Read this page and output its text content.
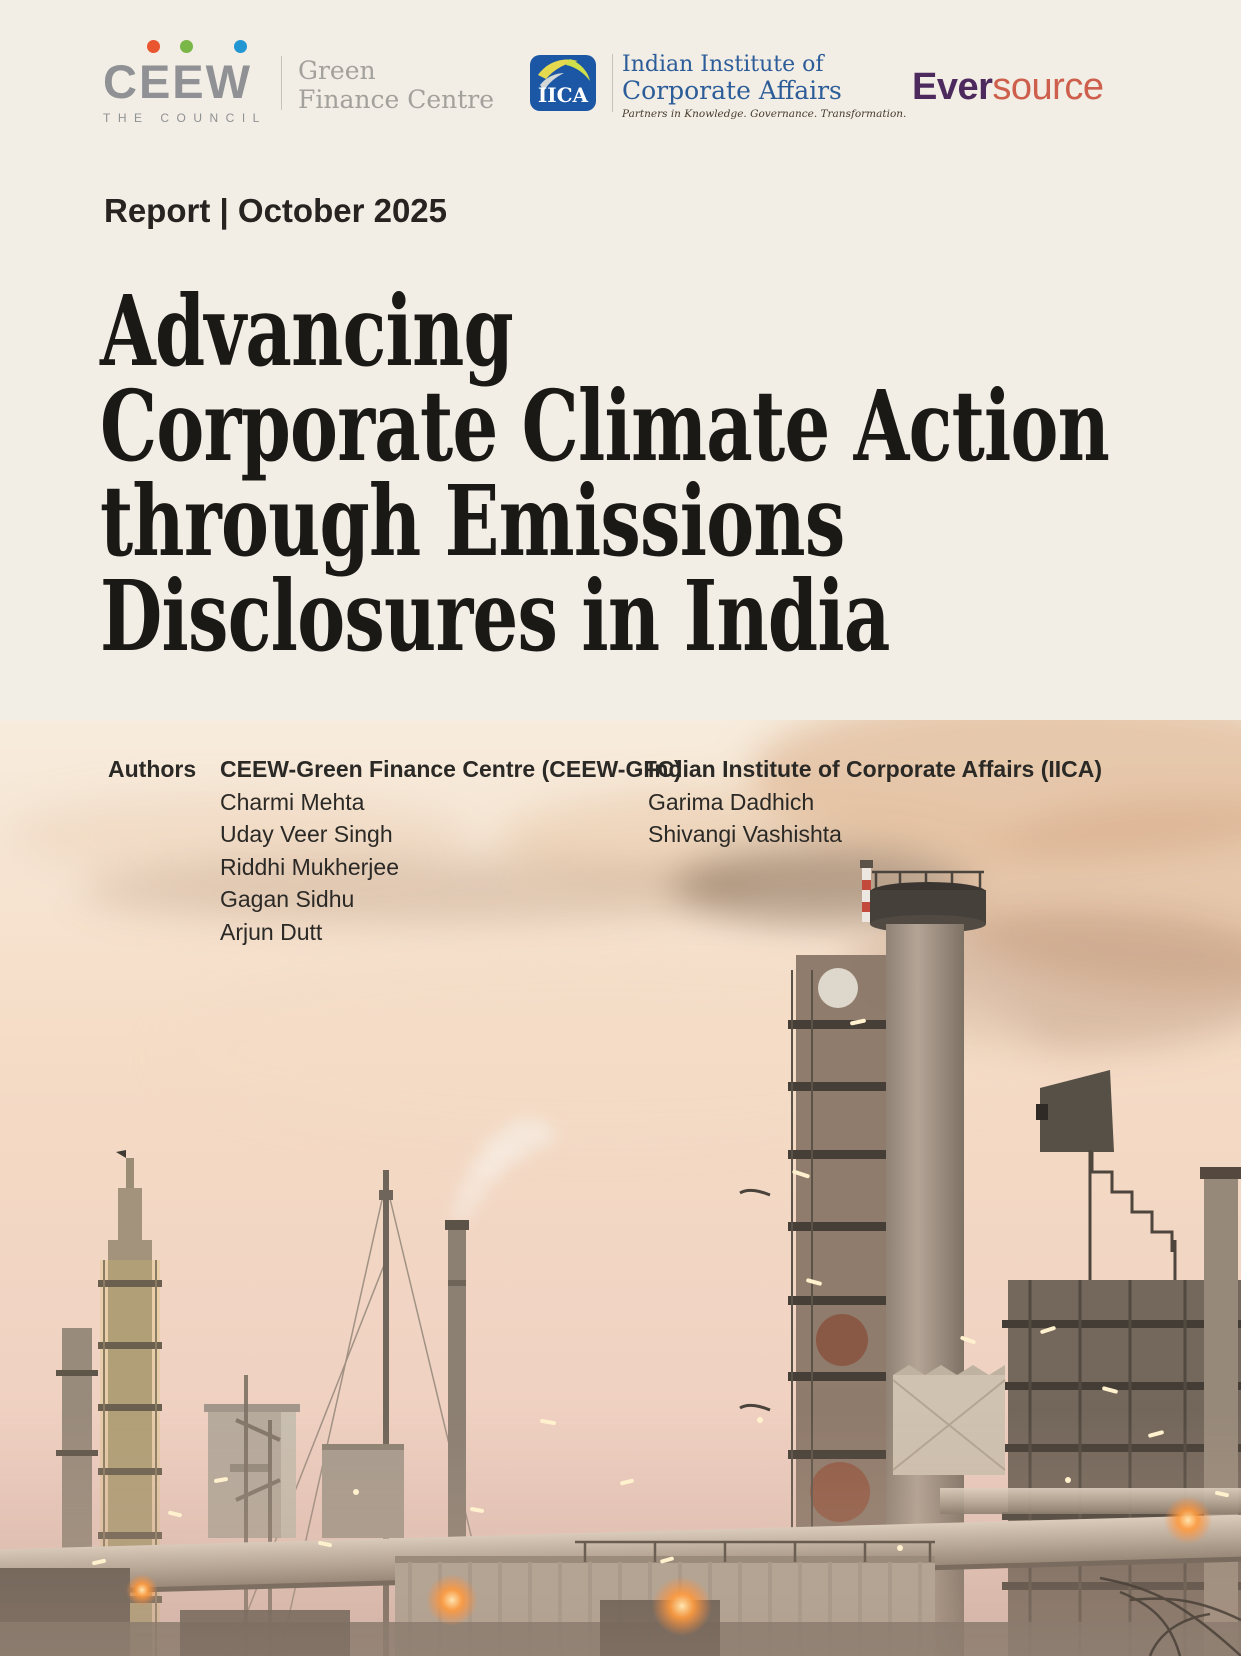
CEEW
THE COUNCIL
Green
Finance Centre IICA
Indian Institute of
Corporate Affairs
Partners in Knowledge. Governance. Transformation.
Eversource
Report | October 2025
Advancing
Corporate Climate Action
through Emissions
Disclosures in India
Authors CEEW-Green Finance Centre (CEEW-GFC)
Charmi Mehta
Uday Veer Singh
Riddhi Mukherjee
Gagan Sidhu
Arjun Dutt
Indian Institute of Corporate Affairs (IICA)
Garima Dadhich
Shivangi Vashishta
